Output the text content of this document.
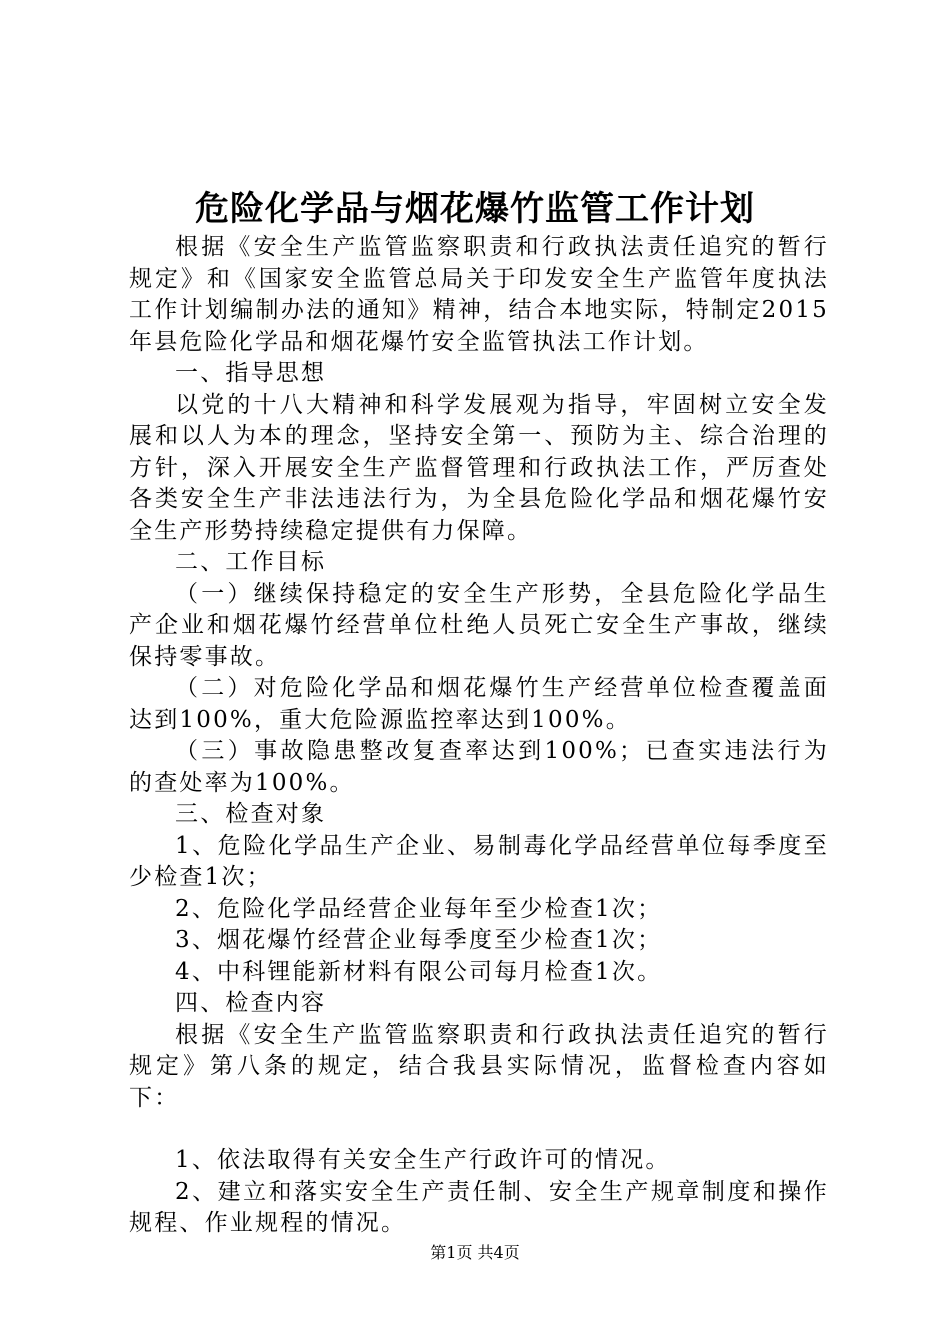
危险化学品与烟花爆竹监管工作计划

根据《安全生产监管监察职责和行政执法责任追究的暂行规定》和《国家安全监管总局关于印发安全生产监管年度执法工作计划编制办法的通知》精神，结合本地实际，特制定2015年县危险化学品和烟花爆竹安全监管执法工作计划。

一、指导思想

以党的十八大精神和科学发展观为指导，牢固树立安全发展和以人为本的理念，坚持安全第一、预防为主、综合治理的方针，深入开展安全生产监督管理和行政执法工作，严厉查处各类安全生产非法违法行为，为全县危险化学品和烟花爆竹安全生产形势持续稳定提供有力保障。

二、工作目标

（一）继续保持稳定的安全生产形势，全县危险化学品生产企业和烟花爆竹经营单位杜绝人员死亡安全生产事故，继续保持零事故。

（二）对危险化学品和烟花爆竹生产经营单位检查覆盖面达到100%，重大危险源监控率达到100%。

（三）事故隐患整改复查率达到100%；已查实违法行为的查处率为100%。

三、检查对象

1、危险化学品生产企业、易制毒化学品经营单位每季度至少检查1次；

2、危险化学品经营企业每年至少检查1次；

3、烟花爆竹经营企业每季度至少检查1次；

4、中科锂能新材料有限公司每月检查1次。

四、检查内容

根据《安全生产监管监察职责和行政执法责任追究的暂行规定》第八条的规定，结合我县实际情况，监督检查内容如下：

1、依法取得有关安全生产行政许可的情况。

2、建立和落实安全生产责任制、安全生产规章制度和操作规程、作业规程的情况。

第1页 共4页
